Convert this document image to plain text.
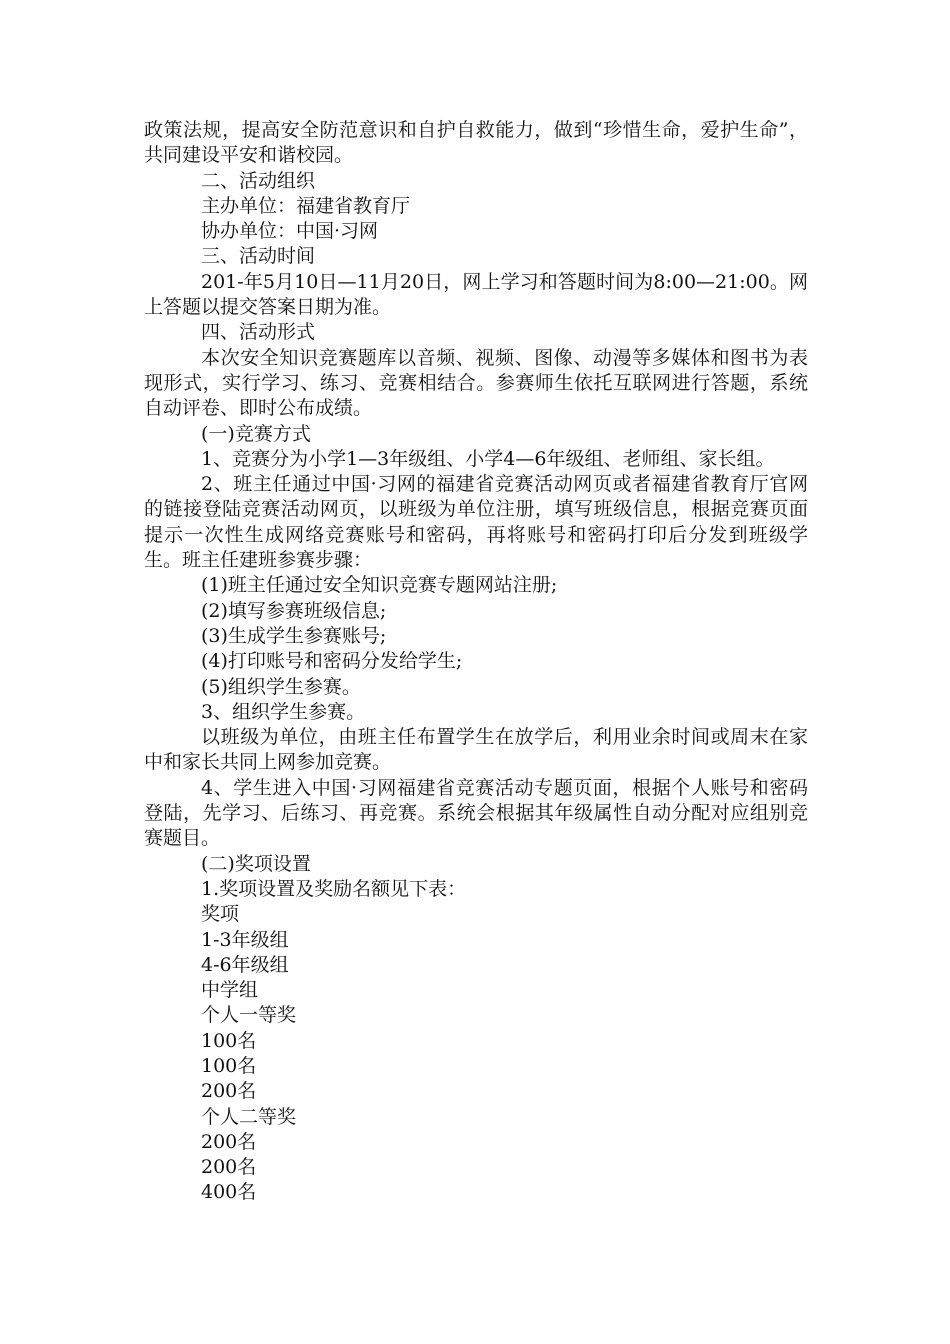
政策法规，提高安全防范意识和自护自救能力，做到“珍惜生命，爱护生命”，共同建设平安和谐校园。

二、活动组织

主办单位：福建省教育厅

协办单位：中国·习网

三、活动时间

201-年5月10日—11月20日，网上学习和答题时间为8:00—21:00。网上答题以提交答案日期为准。

四、活动形式

本次安全知识竞赛题库以音频、视频、图像、动漫等多媒体和图书为表现形式，实行学习、练习、竞赛相结合。参赛师生依托互联网进行答题，系统自动评卷、即时公布成绩。

(一)竞赛方式

1、竞赛分为小学1—3年级组、小学4—6年级组、老师组、家长组。

2、班主任通过中国·习网的福建省竞赛活动网页或者福建省教育厅官网的链接登陆竞赛活动网页，以班级为单位注册，填写班级信息，根据竞赛页面提示一次性生成网络竞赛账号和密码，再将账号和密码打印后分发到班级学生。班主任建班参赛步骤：

(1)班主任通过安全知识竞赛专题网站注册;

(2)填写参赛班级信息;

(3)生成学生参赛账号;

(4)打印账号和密码分发给学生;

(5)组织学生参赛。

3、组织学生参赛。

以班级为单位，由班主任布置学生在放学后，利用业余时间或周末在家中和家长共同上网参加竞赛。

4、学生进入中国·习网福建省竞赛活动专题页面，根据个人账号和密码登陆，先学习、后练习、再竞赛。系统会根据其年级属性自动分配对应组别竞赛题目。

(二)奖项设置

1.奖项设置及奖励名额见下表：

奖项

1-3年级组

4-6年级组

中学组

个人一等奖

100名

100名

200名

个人二等奖

200名

200名

400名
